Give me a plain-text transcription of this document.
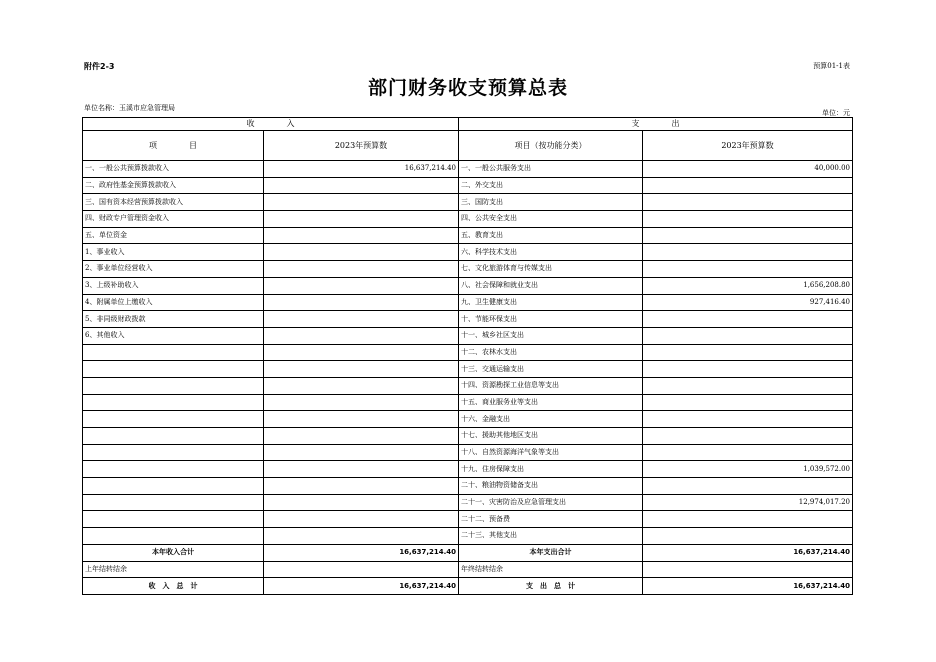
附件2-3	预算01-1表
部门财务收支预算总表
单位名称：玉溪市应急管理局
单位：元
收　　　　入		支　　　　出	
项　　　　目	2023年预算数	项目（按功能分类）	2023年预算数
一、一般公共预算拨款收入	16,637,214.40	一、一般公共服务支出	40,000.00
二、政府性基金预算拨款收入		二、外交支出	
三、国有资本经营预算拨款收入		三、国防支出	
四、财政专户管理资金收入		四、公共安全支出	
五、单位资金		五、教育支出	
1、事业收入		六、科学技术支出	
2、事业单位经营收入		七、文化旅游体育与传媒支出	
3、上级补助收入		八、社会保障和就业支出	1,656,208.80
4、附属单位上缴收入		九、卫生健康支出	927,416.40
5、非同级财政拨款		十、节能环保支出	
6、其他收入		十一、城乡社区支出	
		十二、农林水支出	
		十三、交通运输支出	
		十四、资源勘探工业信息等支出	
		十五、商业服务业等支出	
		十六、金融支出	
		十七、援助其他地区支出	
		十八、自然资源海洋气象等支出	
		十九、住房保障支出	1,039,572.00
		二十、粮油物资储备支出	
		二十一、灾害防治及应急管理支出	12,974,017.20
		二十二、预备费	
		二十三、其他支出	
本年收入合计	16,637,214.40	本年支出合计	16,637,214.40
上年结转结余		年终结转结余	
收　入　总　计	16,637,214.40	支　出　总　计	16,637,214.40
